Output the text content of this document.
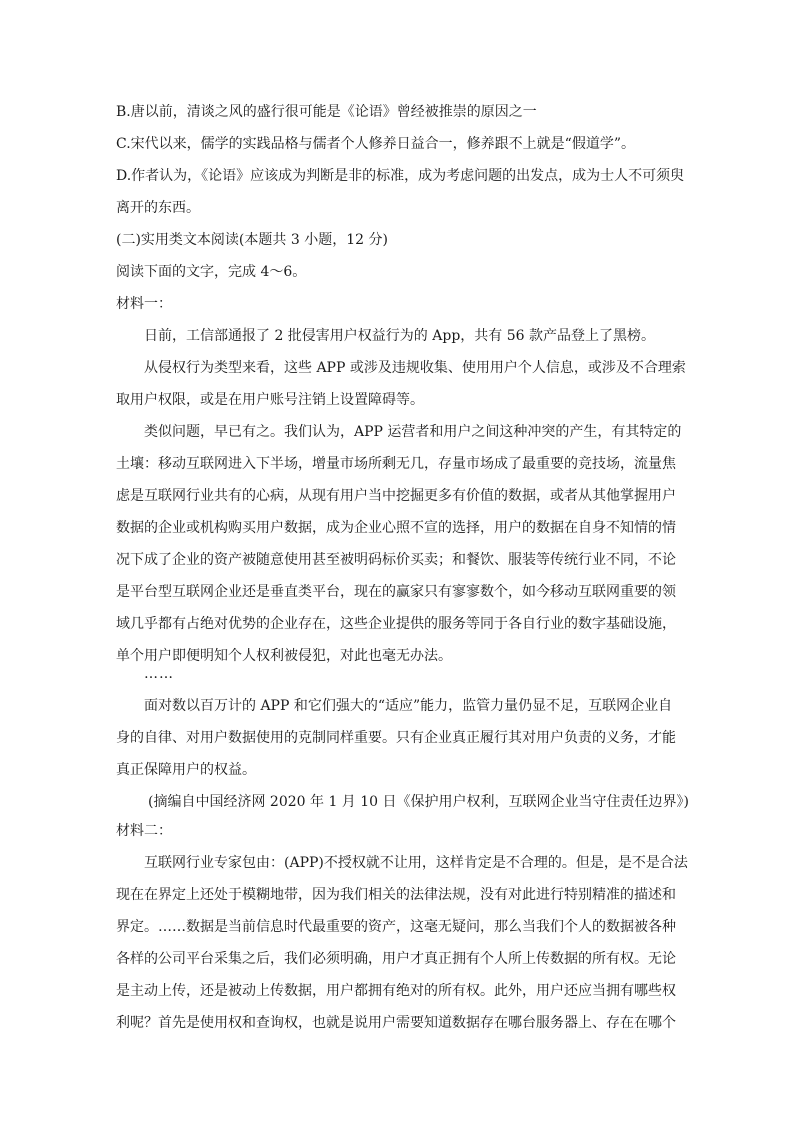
B.唐以前，清谈之风的盛行很可能是《论语》曾经被推崇的原因之一
C.宋代以来，儒学的实践品格与儒者个人修养日益合一，修养跟不上就是“假道学”。
D.作者认为，《论语》应该成为判断是非的标准，成为考虑问题的出发点，成为士人不可须臾
离开的东西。
(二)实用类文本阅读(本题共 3 小题，12 分)
阅读下面的文字，完成 4～6。
材料一：
日前，工信部通报了 2 批侵害用户权益行为的 App，共有 56 款产品登上了黑榜。
从侵权行为类型来看，这些 APP 或涉及违规收集、使用用户个人信息，或涉及不合理索
取用户权限，或是在用户账号注销上设置障碍等。
类似问题，早已有之。我们认为，APP 运营者和用户之间这种冲突的产生，有其特定的
土壤：移动互联网进入下半场，增量市场所剩无几，存量市场成了最重要的竞技场，流量焦
虑是互联网行业共有的心病，从现有用户当中挖掘更多有价值的数据，或者从其他掌握用户
数据的企业或机构购买用户数据，成为企业心照不宣的选择，用户的数据在自身不知情的情
况下成了企业的资产被随意使用甚至被明码标价买卖；和餐饮、服装等传统行业不同，不论
是平台型互联网企业还是垂直类平台，现在的赢家只有寥寥数个，如今移动互联网重要的领
域几乎都有占绝对优势的企业存在，这些企业提供的服务等同于各自行业的数字基础设施，
单个用户即便明知个人权利被侵犯，对此也毫无办法。
……
面对数以百万计的 APP 和它们强大的“适应”能力，监管力量仍显不足，互联网企业自
身的自律、对用户数据使用的克制同样重要。只有企业真正履行其对用户负责的义务，才能
真正保障用户的权益。
(摘编自中国经济网 2020 年 1 月 10 日《保护用户权利，互联网企业当守住责任边界》)
材料二：
互联网行业专家包由：(APP)不授权就不让用，这样肯定是不合理的。但是，是不是合法
现在在界定上还处于模糊地带，因为我们相关的法律法规，没有对此进行特别精准的描述和
界定。……数据是当前信息时代最重要的资产，这毫无疑问，那么当我们个人的数据被各种
各样的公司平台采集之后，我们必须明确，用户才真正拥有个人所上传数据的所有权。无论
是主动上传，还是被动上传数据，用户都拥有绝对的所有权。此外，用户还应当拥有哪些权
利呢？首先是使用权和查询权，也就是说用户需要知道数据存在哪台服务器上、存在在哪个
